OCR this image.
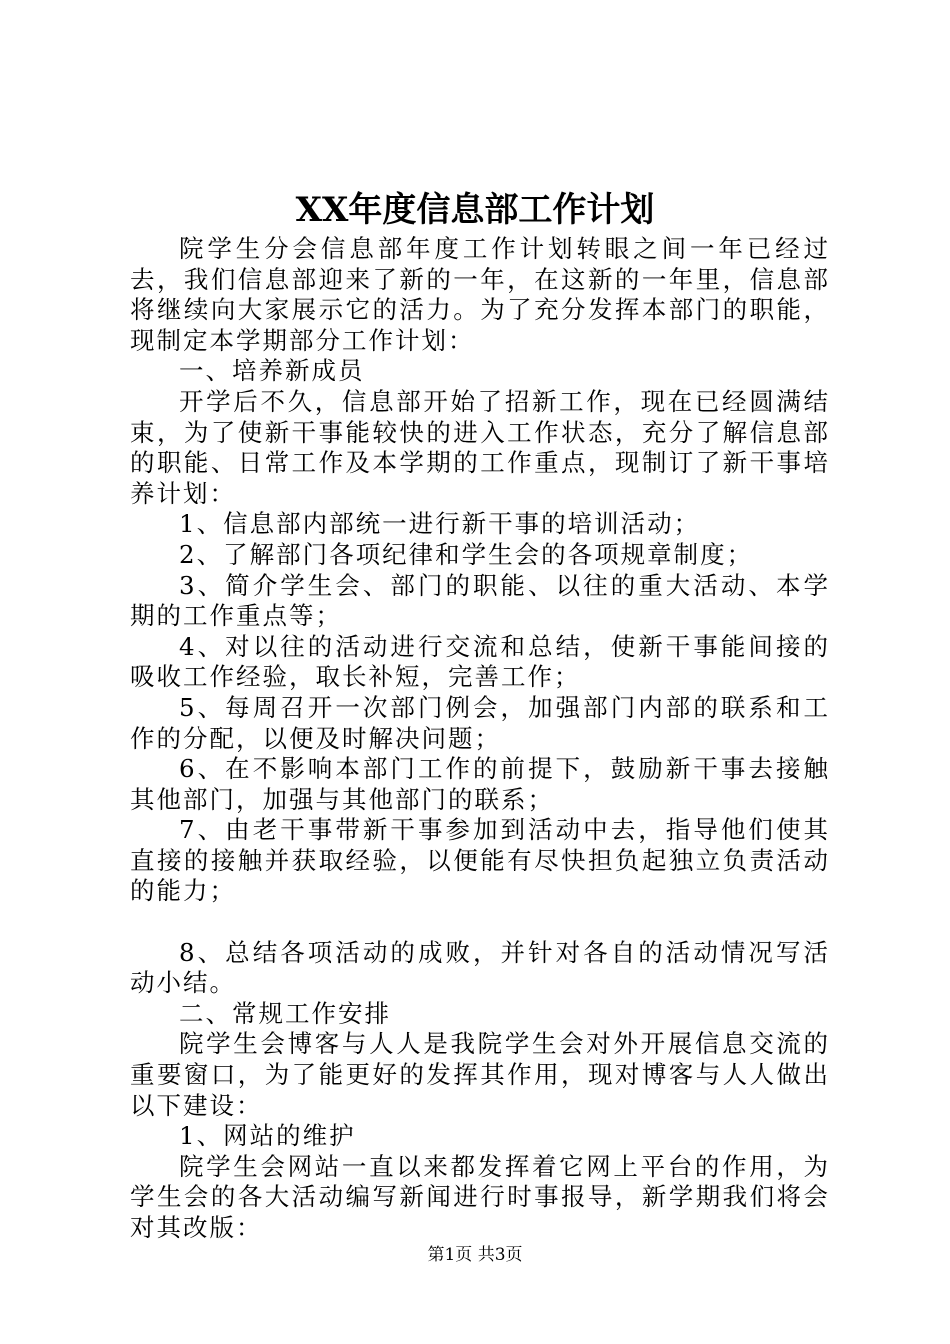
XX年度信息部工作计划

院学生分会信息部年度工作计划转眼之间一年已经过去，我们信息部迎来了新的一年，在这新的一年里，信息部将继续向大家展示它的活力。为了充分发挥本部门的职能，现制定本学期部分工作计划：

一、培养新成员

开学后不久，信息部开始了招新工作，现在已经圆满结束，为了使新干事能较快的进入工作状态，充分了解信息部的职能、日常工作及本学期的工作重点，现制订了新干事培养计划：

1、信息部内部统一进行新干事的培训活动；

2、了解部门各项纪律和学生会的各项规章制度；

3、简介学生会、部门的职能、以往的重大活动、本学期的工作重点等；

4、对以往的活动进行交流和总结，使新干事能间接的吸收工作经验，取长补短，完善工作；

5、每周召开一次部门例会，加强部门内部的联系和工作的分配，以便及时解决问题；

6、在不影响本部门工作的前提下，鼓励新干事去接触其他部门，加强与其他部门的联系；

7、由老干事带新干事参加到活动中去，指导他们使其直接的接触并获取经验，以便能有尽快担负起独立负责活动的能力；

8、总结各项活动的成败，并针对各自的活动情况写活动小结。

二、常规工作安排

院学生会博客与人人是我院学生会对外开展信息交流的重要窗口，为了能更好的发挥其作用，现对博客与人人做出以下建设：

1、网站的维护

院学生会网站一直以来都发挥着它网上平台的作用，为学生会的各大活动编写新闻进行时事报导，新学期我们将会对其改版：

第1页 共3页
